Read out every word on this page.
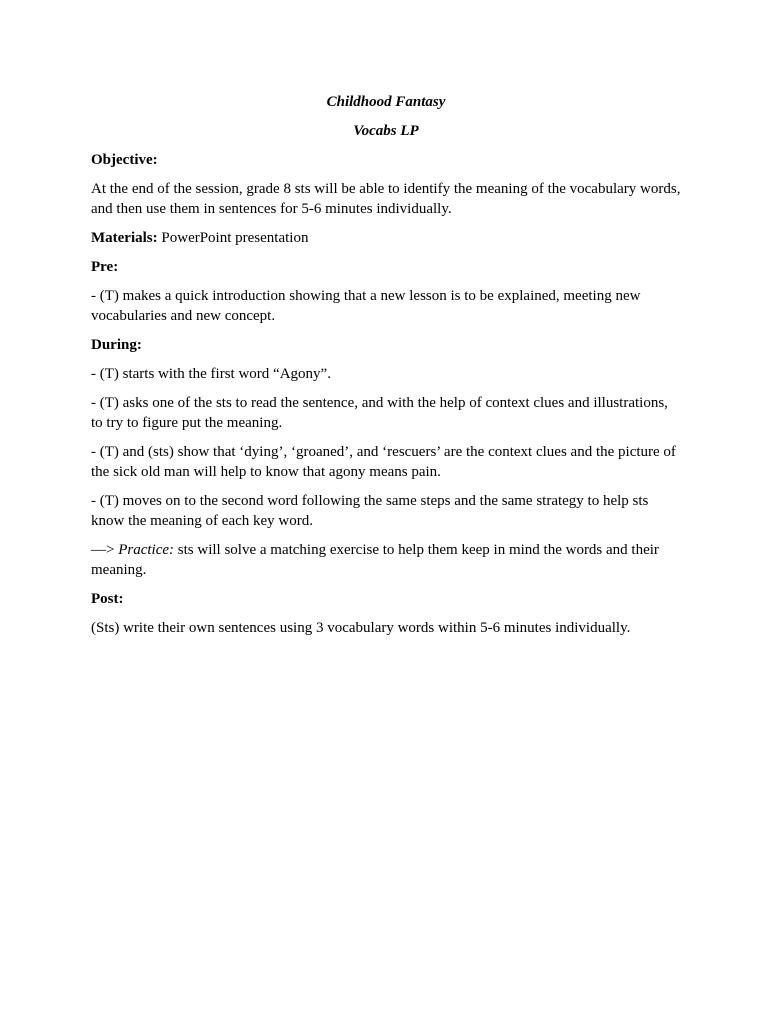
Childhood Fantasy
Vocabs LP
Objective:

At the end of the session, grade 8 sts will be able to identify the meaning of the vocabulary words, and then use them in sentences for 5-6 minutes individually.

Materials: PowerPoint presentation

Pre:

- (T) makes a quick introduction showing that a new lesson is to be explained, meeting new vocabularies and new concept.

During:

- (T) starts with the first word “Agony”.

- (T) asks one of the sts to read the sentence, and with the help of context clues and illustrations, to try to figure put the meaning.

- (T) and (sts) show that ‘dying’, ‘groaned’, and ‘rescuers’ are the context clues and the picture of the sick old man will help to know that agony means pain.

- (T) moves on to the second word following the same steps and the same strategy to help sts know the meaning of each key word.

—> Practice: sts will solve a matching exercise to help them keep in mind the words and their meaning.

Post:

(Sts) write their own sentences using 3 vocabulary words within 5-6 minutes individually.
